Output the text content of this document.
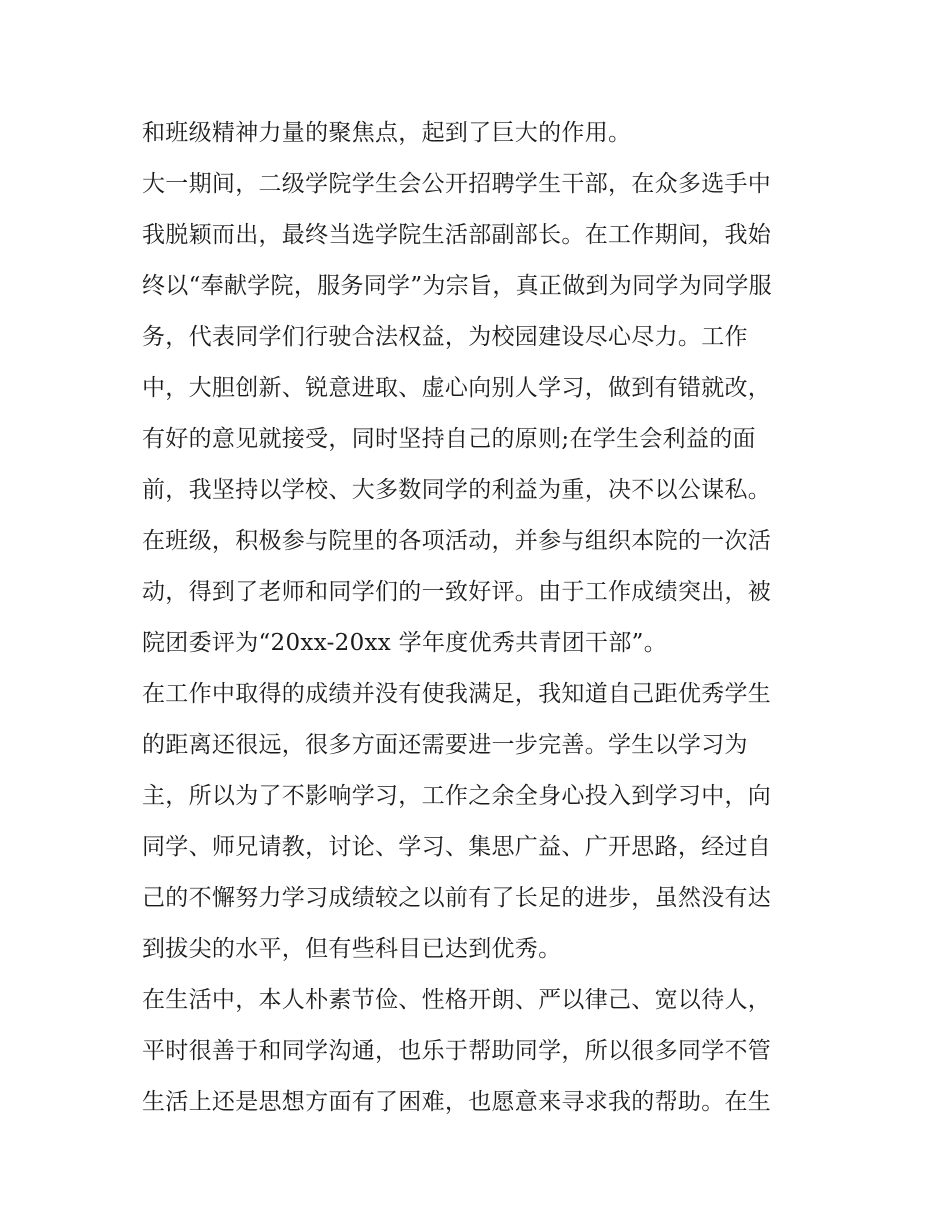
和班级精神力量的聚焦点，起到了巨大的作用。
大一期间，二级学院学生会公开招聘学生干部，在众多选手中
我脱颖而出，最终当选学院生活部副部长。在工作期间，我始
终以“奉献学院，服务同学”为宗旨，真正做到为同学为同学服
务，代表同学们行驶合法权益，为校园建设尽心尽力。工作
中，大胆创新、锐意进取、虚心向别人学习，做到有错就改，
有好的意见就接受，同时坚持自己的原则;在学生会利益的面
前，我坚持以学校、大多数同学的利益为重，决不以公谋私。
在班级，积极参与院里的各项活动，并参与组织本院的一次活
动，得到了老师和同学们的一致好评。由于工作成绩突出，被
院团委评为“20xx-20xx 学年度优秀共青团干部”。
在工作中取得的成绩并没有使我满足，我知道自己距优秀学生
的距离还很远，很多方面还需要进一步完善。学生以学习为
主，所以为了不影响学习，工作之余全身心投入到学习中，向
同学、师兄请教，讨论、学习、集思广益、广开思路，经过自
己的不懈努力学习成绩较之以前有了长足的进步，虽然没有达
到拔尖的水平，但有些科目已达到优秀。
在生活中，本人朴素节俭、性格开朗、严以律己、宽以待人，
平时很善于和同学沟通，也乐于帮助同学，所以很多同学不管
生活上还是思想方面有了困难，也愿意来寻求我的帮助。在生
